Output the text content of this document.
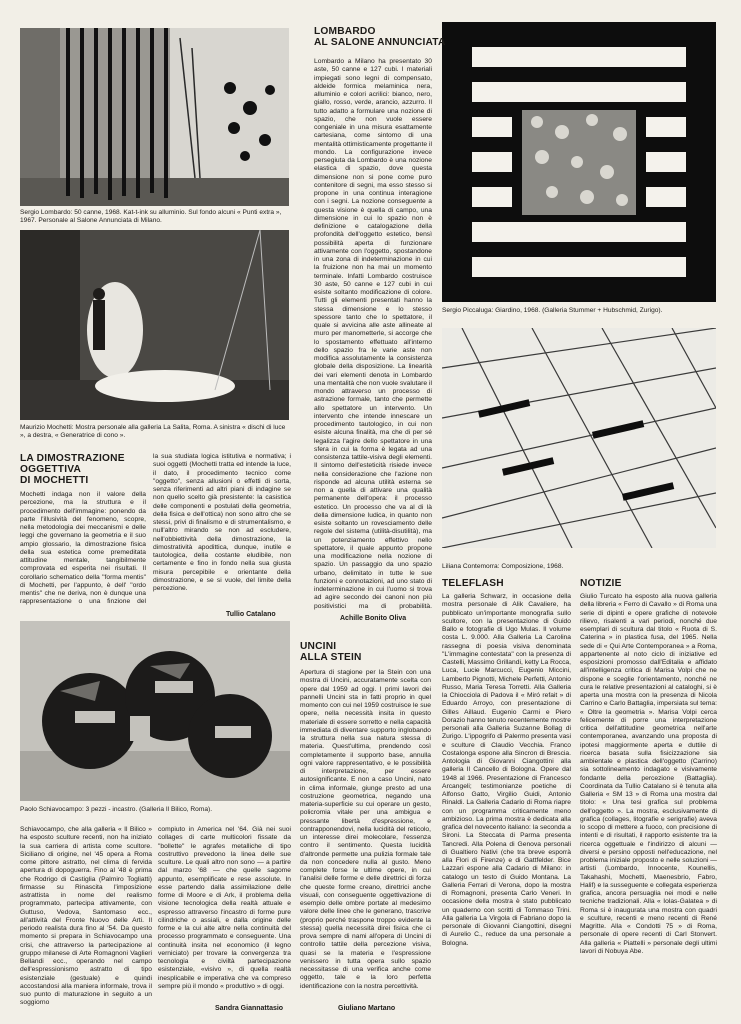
Sergio Lombardo: 50 canne, 1968. Kat-t-ink su alluminio. Sul fondo alcuni « Punti extra », 1967. Personale al Salone Annunciata di Milano.
Maurizio Mochetti: Mostra personale alla galleria La Salita, Roma. A sinistra « dischi di luce », a destra, « Generatrice di cono ».
Sergio Piccaluga: Giardino, 1968. (Galleria Stummer + Hubschmid, Zurigo).
Liliana Contemorra: Composizione, 1968.
Paolo Schiavocampo: 3 pezzi - incastro. (Galleria Il Bilico, Roma).
LOMBARDO
AL SALONE ANNUNCIATA
Lombardo a Milano ha presentato 30 aste, 50 canne e 127 cubi. I materiali impiegati sono legni di compensato, aldeide formica melaminica nera, alluminio e colori acrilici: bianco, nero, giallo, rosso, verde, arancio, azzurro. Il tutto adatto a formulare una nozione di spazio, che non vuole essere congeniale in una misura esattamente cartesiana, come sintomo di una mentalità ottimisticamente progettante il mondo. La configurazione invece persegiuta da Lombardo è una nozione elastica di spazio, dove questa dimensione non si pone come puro contenitore di segni, ma esso stesso si propone in una continua interagione con i segni. La nozione conseguente a questa visione è quella di campo, una dimensione in cui lo spazio non è definizione e catalogazione della profondità dell'oggetto estetico, bensì possibilità aperta di funzionare attivamente con l'oggetto, spostandone in una zona di indeterminazione in cui la fruizione non ha mai un momento terminale. Infatti Lombardo costruisce 30 aste, 50 canne e 127 cubi in cui esiste soltanto modificazione di colore. Tutti gli elementi presentati hanno la stessa dimensione e lo stesso spessore tanto che lo spettatore, il quale si avvicina alle aste allineate al muro per manometterle, si accorge che lo spostamento effettuato all'interno dello spazio fra le varie aste non modifica assolutamente la consistenza globale della disposizione. La linearità dei vari elementi denota in Lombardo una mentalità che non vuole svalutare il mondo attraverso un processo di astrazione formale, tanto che permette allo spettatore un intervento. Un intervento che intende innescare un procedimento tautologico, in cui non esiste alcuna finalità, ma che di per sé legalizza l'agire dello spettatore in una sfera in cui la forma è legata ad una consistenza tattile-visiva degli elementi. Il sintomo dell'esteticità risiede invece nella considerazione che l'azione non risponde ad alcuna utilità esterna se non a quella di attivare una qualità permanente dell'opera: il processo estetico. Un processo che va al di là della dimensione ludica, in quanto non esiste soltanto un rovesciamento delle regole del sistema (utilità-disutilità), ma un potenziamento effettivo nello spettatore, il quale appunto propone una modificazione nella nozione di spazio. Un passaggio da uno spazio urbano, delimitato in tutte le sue funzioni e connotazioni, ad uno stato di indeterminazione in cui l'uomo si trova ad agire secondo dei canoni non più positivistici ma di probabilità.
Achille Bonito Oliva
LA DIMOSTRAZIONE
OGGETTIVA
DI MOCHETTI
Mochetti indaga non il valore della percezione, ma la struttura e il procedimento dell'immagine: ponendo da parte l'illusività del fenomeno, scopre, nella metodologia dei meccanismi e delle leggi che governano la geometria e il suo ampio glossario, la dimostrazione fisica della sua estetica come premeditata attitudine mentale, tangibilmente comprovata ed esperita nei risultati. Il corollario schematico della "forma mentis" di Mochetti, per l'appunto, è dell' "ordo mentis" che ne deriva, non è dunque una rappresentazione o una finzione del
la sua studiata logica istitutiva e normativa; i suoi oggetti (Mochetti tratta ed intende la luce, il dato, il procedimento tecnico come "oggetto", senza allusioni o effetti di sorta, senza riferimenti ad altri piani di indagine se non quello scelto già presistente: la casistica delle componenti e postulati della geometria, della fisica e dell'ottica) non sono altro che se stessi, privi di finalismo e di strumentalismo, e null'altro mirando se non ad escludere, nell'obbiettività della dimostrazione, la dimostratività apodittica, dunque, inutile e tautologica, della costante eludibile, non certamente e fino in fondo nella sua giusta misura percepibile e orientante della dimostrazione, e se si vuole, del limite della percezione.
Tullio Catalano
Schiavocampo, che alla galleria « Il Bilico » ha esposto sculture recenti, non ha iniziato la sua carriera di artista come scultore. Siciliano di origine, nel '45 opera a Roma come pittore astratto, nel clima di fervida apertura di dopoguerra. Fino al '48 è prima che Rodrigo di Castiglia (Palmiro Togliatti) firmasse su Rinascita l'imposizione astrattista in nome del realismo programmato, partecipa attivamente, con Guttuso, Vedova, Santomaso ecc., all'attività del Fronte Nuovo delle Arti. Il periodo realista dura fino al '54. Da questo momento si prepara in Schiavocampo una crisi, che attraverso la partecipazione al gruppo milanese di Arte Romagnoni Vaglieri Bellandi ecc., operando nel campo dell'espressionismo astratto di tipo esistenziale (gestuale) e quindi accostandosi alla maniera informale, trova il suo punto di maturazione in seguito a un soggiorno
compiuto in America nel '64. Già nei suoi collages di carte multicolori fissate da "bollette" le agrafes metalliche di tipo costruttivo prevedono la linea delle sue sculture. Le quali altro non sono — a partire dal marzo '68 — che quelle sagome appunto, esemplificate e rese assolute. In esse partendo dalla assimilazione delle forme di Moore e di Ark, il problema della visione tecnologica della realtà attuale e espresso attraverso l'incastro di forme pure cilindriche o assiali, e dalla origine delle forme e la cui alte altre nella continuità del processo programmato e conseguente. Una continuità insita nel economico (il legno verniciato) per trovare la convergenza tra tecnologia e civiltà partecipazione esistenziale, «visivo », di quella realtà inesplicabile e imperativa che va compreso sempre più il mondo « produttivo » di oggi.
Sandra Giannattasio
UNCINI
ALLA STEIN
Apertura di stagione per la Stein con una mostra di Uncini, accuratamente scelta con opere dal 1959 ad oggi. I primi lavori dei pannelli Uncini sta in fatti proprio in quel momento con cui nel 1959 costruisce le sue opere, nella necessità insita in questo materiale di essere sorretto e nella capacità immediata di diventare supporto inglobando la struttura nella sua natura stessa di materia. Quest'ultima, prendendo così completamente il supporto base, annulla ogni valore rappresentativo, e le possibilità di interpretazione, per essere autosignificante. E non a caso Uncini, nato in clima informale, giunge presto ad una costruzione geometrica, negando una materia-superficie su cui operare un gesto, policromia vitale per una ambigua e pressante libertà d'espressione, e contrapponendovi, nella lucidità del reticolo, un interesse direi molecolare, l'essenza contro il sentimento. Questa lucidità d'altronde permette una pulizia formale tale da non concedere nulla al gusto. Meno complete forse le ultime opere, in cui l'analisi delle forme e delle direttrici di forza che queste forme creano, direttrici anche visuali, con conseguente oggettivazione di esempio delle ombre portate al medesimo valore delle linee che le generano, trascrive (proprio perché traspone troppo evidente la stessa) quella necessità direi fisica che ci prova sempre di nami all'opera di Uncini di controllo tattile della percezione visiva, quasi se la materia e l'espressione venissero in tutta opera sullo spazio necessitasse di una verifica anche come oggetto, tale e la loro perfetta identificazione con la nostra percettività.
Giuliano Martano
TELEFLASH
La galleria Schwarz, in occasione della mostra personale di Alik Cavaliere, ha pubblicato un'importante monografia sullo scultore, con la presentazione di Guido Ballo e fotografie di Ugo Mulas. Il volume costa L. 9.000. Alla Galleria La Carolina rassegna di poesia visiva denominata "L'immagine contestata" con la presenza di Castelli, Massimo Grillandi, ketty La Rocca, Luca, Lucie Marcucci, Eugenio Miccini, Lamberto Pignotti, Michele Perfetti, Antonio Russo, Maria Teresa Torretti. Alla Galleria la Chiocciola di Padova il « Miró refait » di Eduardo Arroyo, con presentazione di Gilles Aillaud. Eugenio Carmi e Piero Dorazio hanno tenuto recentemente mostre personali alla Galleria Suzanne Bollag di Zurigo. L'ippogrifo di Palermo presenta vasi e sculture di Claudio Vecchia. Franco Costalonga espone alla Sincron di Brescia. Antologia di Giovanni Ciangottini alla galleria Il Cancello di Bologna. Opere dal 1948 al 1966. Presentazione di Francesco Arcangeli; testimonianze poetiche di Alfonso Gatto, Virgilio Guidi, Antonio Rinaldi. La Galleria Cadario di Roma riapre con un programma criticamente meno ambizioso. La prima mostra è dedicata alla grafica del novecento italiano: la seconda a Sironi. La Steccata di Parma presenta Tancredi. Alla Polena di Genova personali di Gualtiero Nativi (che tra breve esporrà alla Flori di Firenze) e di Gattfelder. Bice Lazzari espone alla Cadario di Milano: in catalogo un testo di Guido Montana. La Galleria Ferrari di Verona, dopo la mostra di Romagnoni, presenta Carlo Veneri. In occasione della mostra è stato pubblicato un quaderno con scritti di Tommaso Trini. Alla galleria La Virgola di Fabriano dopo la personale di Giovanni Ciangottini, disegni di Aurelio C., reduce da una personale a Bologna.
NOTIZIE
Giulio Turcato ha esposto alla nuova galleria della libreria « Ferro di Cavallo » di Roma una serie di dipinti e opere grafiche di notevole rilievo, risalenti a vari periodi, nonché due esemplari di scultura dal titolo « Ruota di S. Caterina » in plastica fusa, del 1965. Nella sede di « Qui Arte Contemporanea » a Roma, appartenente al noto ciclo di iniziative ed esposizioni promosso dall'Editalia e affidato all'intelligenza critica di Marisa Volpi che ne dispone e sceglie l'orientamento, nonché ne cura le relative presentazioni al cataloghi, si è aperta una mostra con la presenza di Nicola Carrino e Carlo Battaglia, impersiata sul tema: « Oltre la geometria ». Marisa Volpi cerca felicemente di porre una interpretazione critica dell'attitudine geometrica nell'arte contemporanea, avanzando una proposta di ipotesi maggiormente aperta e duttile di ricerca basata sulla fisicizzazione sia ambientale e plastica dell'oggetto (Carrino) sia sottolineamento indagato e visivamente fondante della percezione (Battaglia). Coordinata da Tullio Catalano si è tenuta alla Galleria « SM 13 » di Roma una mostra dal titolo: « Una tesi grafica sul problema dell'oggetto ». La mostra, esclusivamente di grafica (collages, litografie e serigrafie) aveva lo scopo di mettere a fuoco, con precisione di intenti e di risultati, il rapporto esistente tra la ricerca oggettuale e l'indirizzo di alcuni — diversi e persino opposti nell'educazione, nel problema iniziale proposto e nelle soluzioni — artisti (Lombardo, Innocente, Kounellis, Takahashi, Mochetti, Maenesbrio, Fabro, Halif) e la susseguente e collegata esperienza grafica, ancora persuaglia nei modi e nelle tecniche tradizionali. Alla « Iolas-Galatea » di Roma si è inaugurata una mostra con quadri e sculture, recenti e meno recenti di René Magritte. Alla « Condotti 75 » di Roma, personale di opere recenti di Carl Stonvert. Alla galleria « Piattelli » personale degli ultimi lavori di Nobuya Abe.
